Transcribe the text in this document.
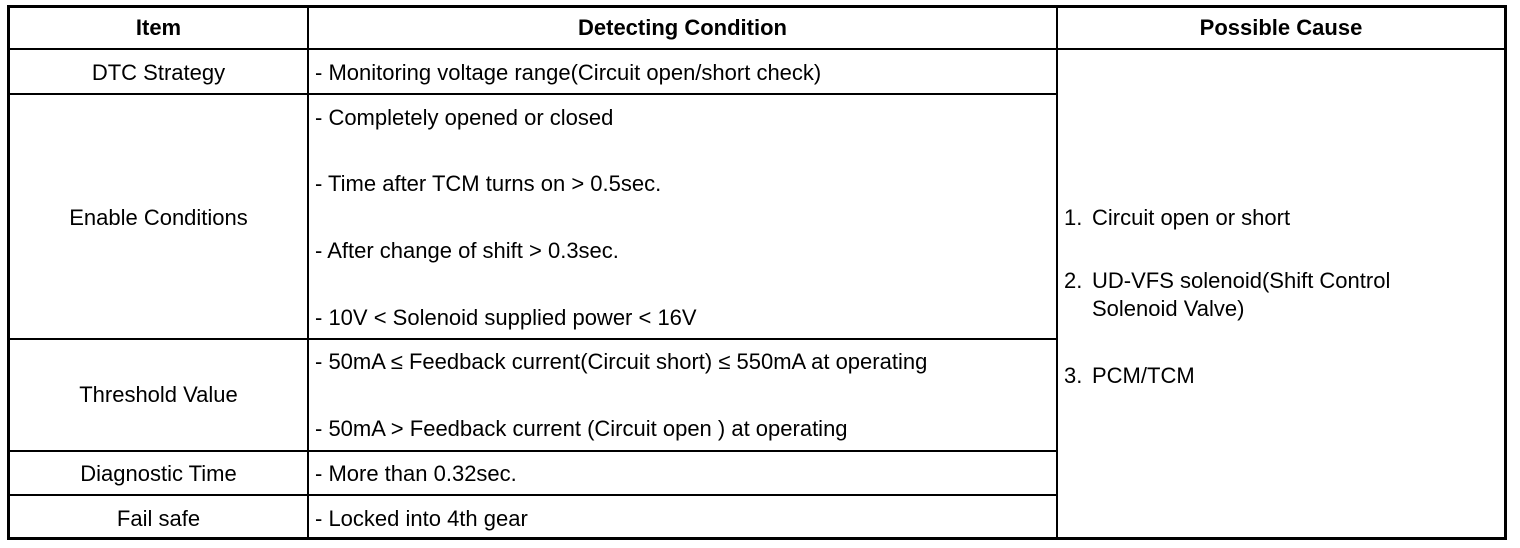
Item	Detecting Condition	Possible Cause
DTC Strategy
Enable Conditions
Threshold Value
Diagnostic Time
Fail safe
- Monitoring voltage range(Circuit open/short check)
- Completely opened or closed
- Time after TCM turns on > 0.5sec.
- After change of shift > 0.3sec.
- 10V < Solenoid supplied power < 16V
- 50mA ≤ Feedback current(Circuit short) ≤ 550mA at operating
- 50mA > Feedback current (Circuit open ) at operating
- More than 0.32sec.
- Locked into 4th gear
1. Circuit open or short
2. UD-VFS solenoid(Shift Control
Solenoid Valve)
3. PCM/TCM
